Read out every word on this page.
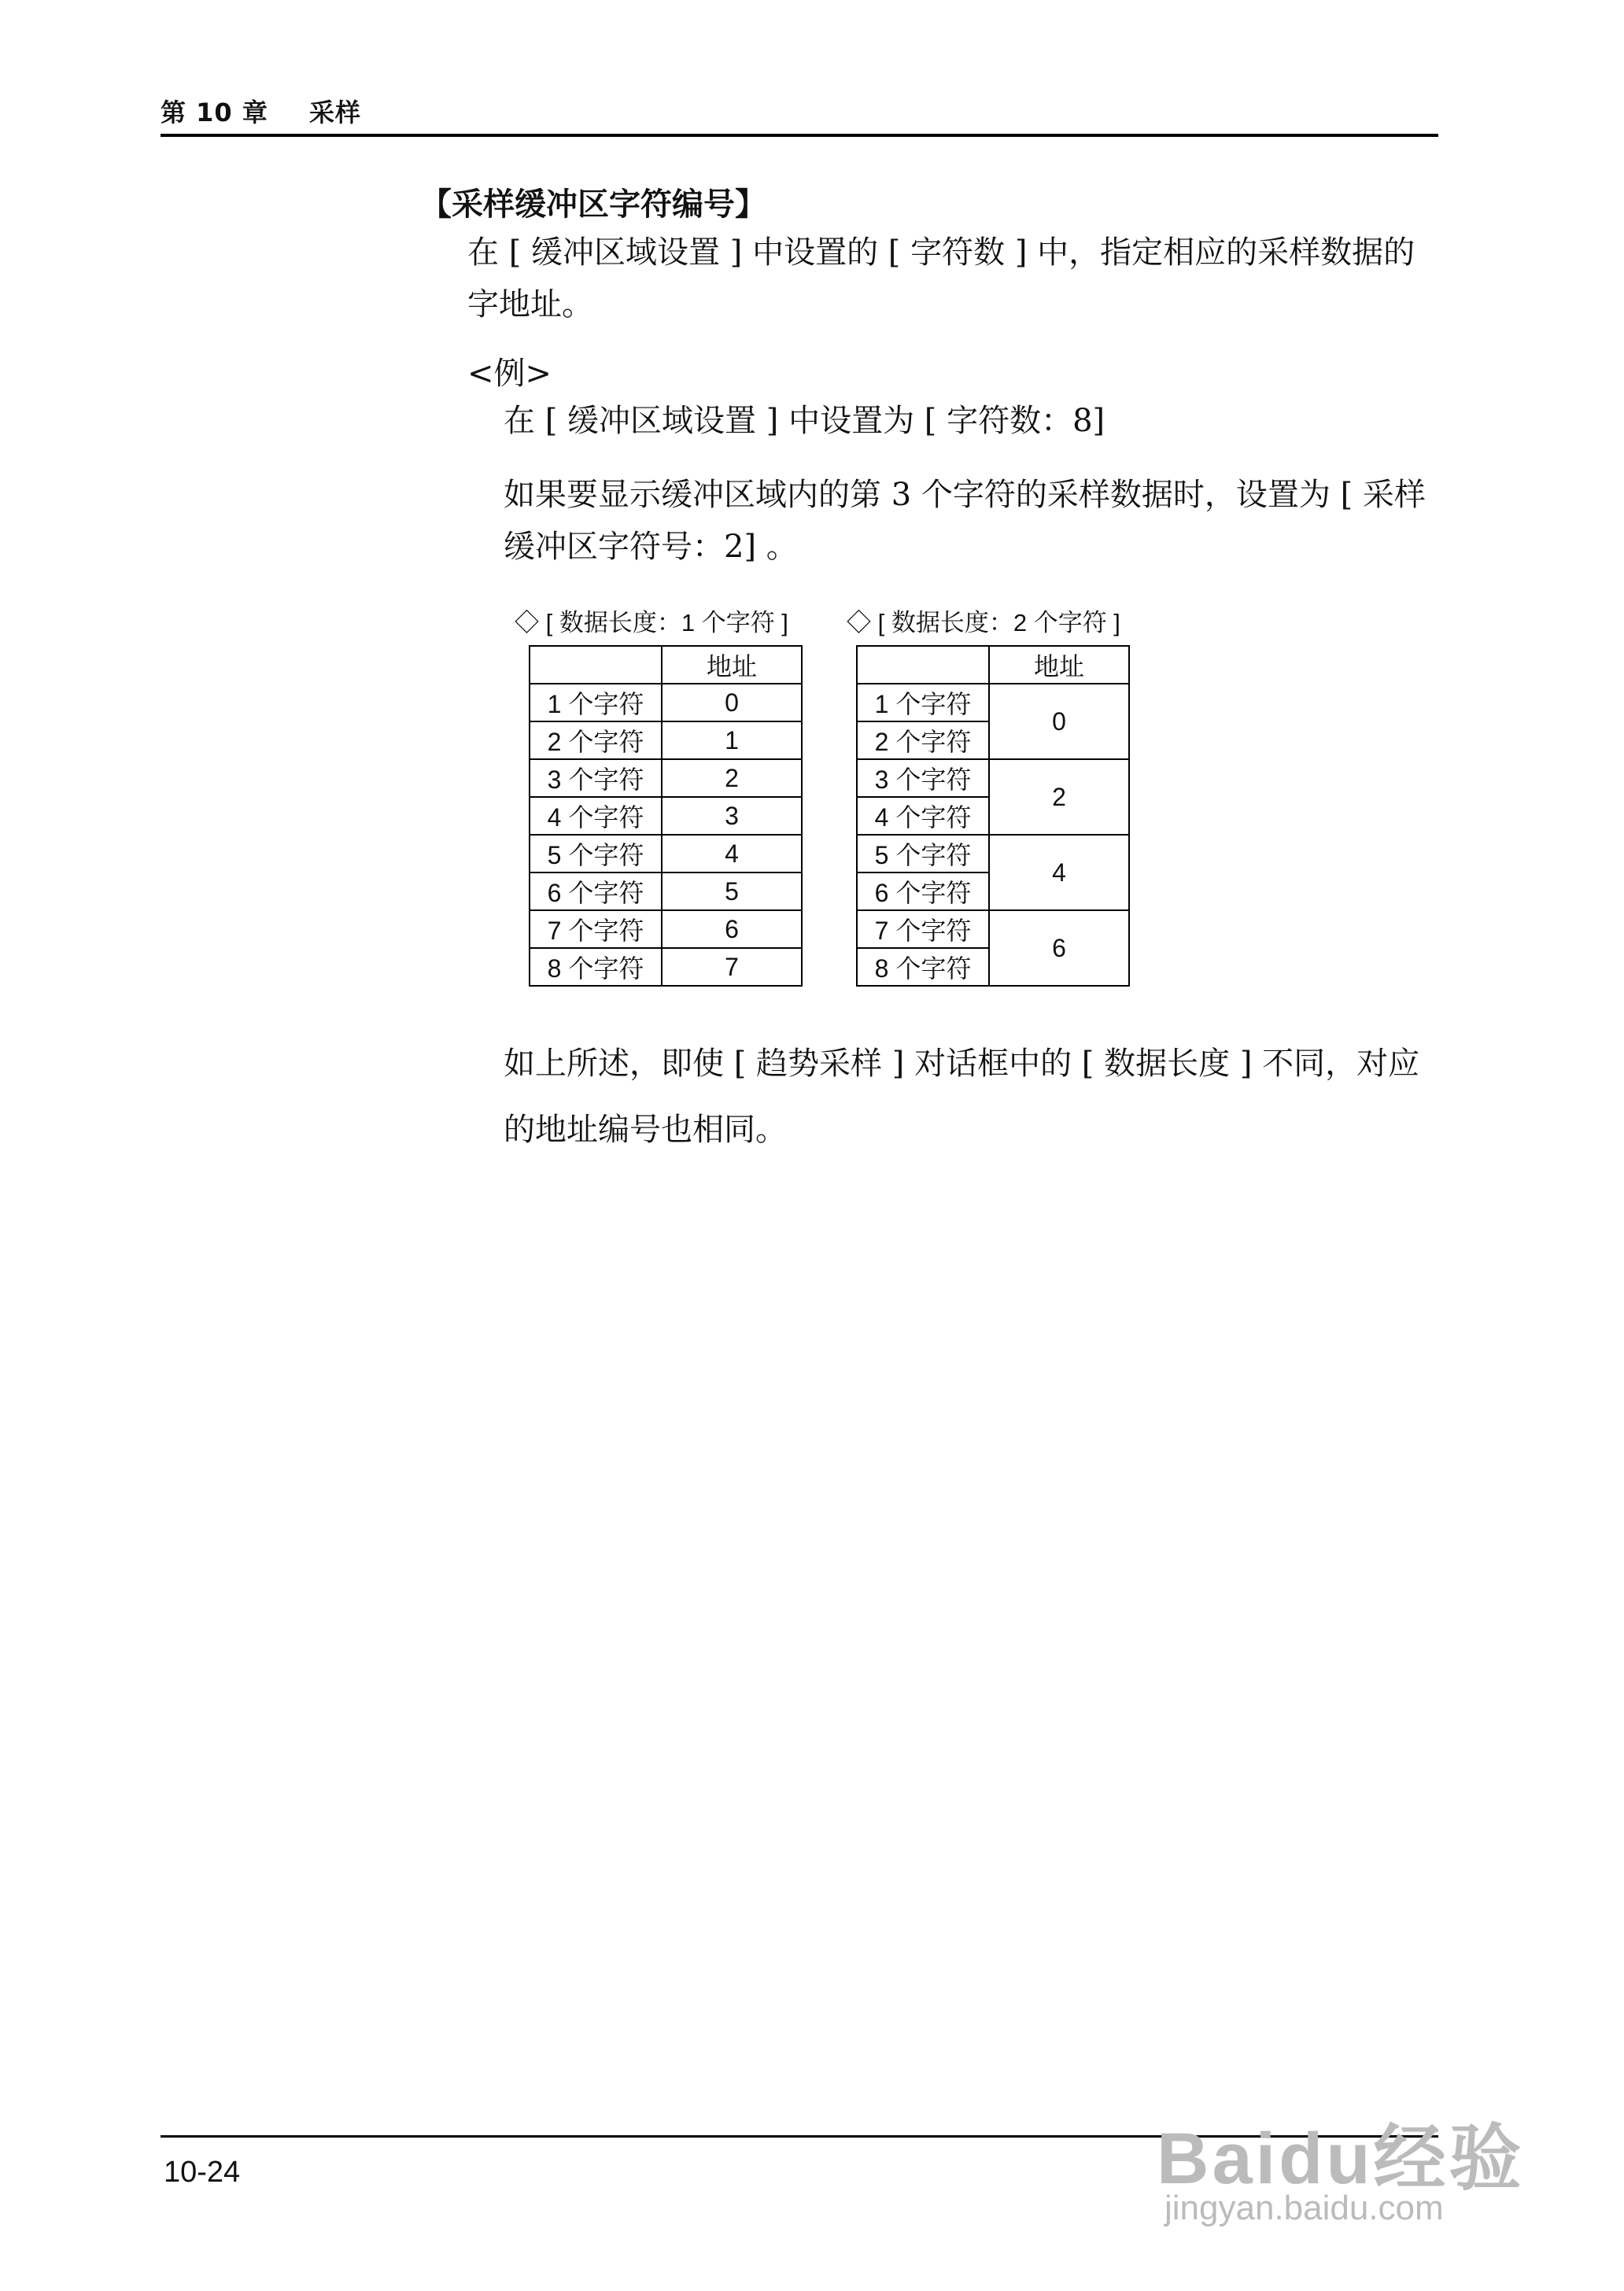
第 10 章 采样
【采样缓冲区字符编号】
在 [ 缓冲区域设置 ] 中设置的 [ 字符数 ] 中，指定相应的采样数据的字地址。
<例>
在 [ 缓冲区域设置 ] 中设置为 [ 字符数：8]
如果要显示缓冲区域内的第 3 个字符的采样数据时，设置为 [ 采样缓冲区字符号：2] 。
◇ [ 数据长度：1 个字符 ] ◇ [ 数据长度：2 个字符 ]
	地址
1 个字符	0
2 个字符	1
3 个字符	2
4 个字符	3
5 个字符	4
6 个字符	5
7 个字符	6
8 个字符	7
	地址
1 个字符	0
2 个字符	
3 个字符	2
4 个字符	
5 个字符	4
6 个字符	
7 个字符	6
8 个字符	
如上所述，即使 [ 趋势采样 ] 对话框中的 [ 数据长度 ] 不同，对应的地址编号也相同。
10-24	Baidu经验
jingyan.baidu.com
